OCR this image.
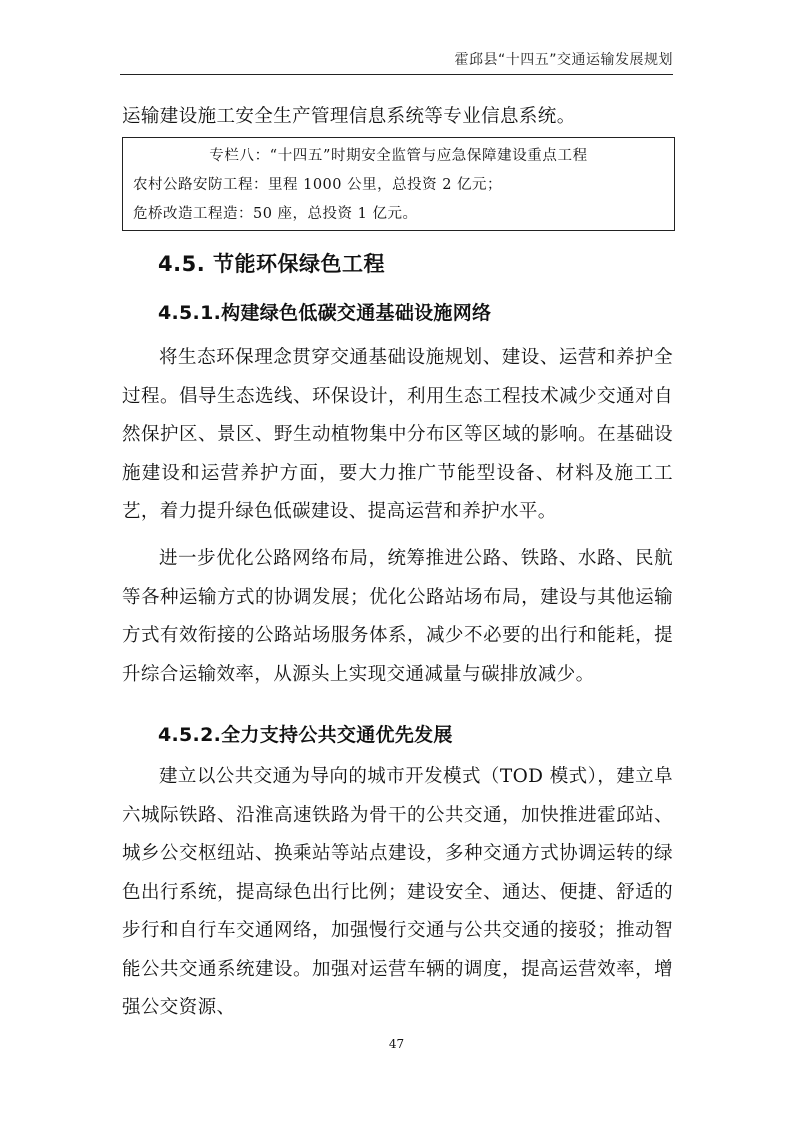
霍邱县“十四五”交通运输发展规划

运输建设施工安全生产管理信息系统等专业信息系统。

专栏八：“十四五”时期安全监管与应急保障建设重点工程
农村公路安防工程：里程 1000 公里，总投资 2 亿元；
危桥改造工程造：50 座，总投资 1 亿元。
4.5. 节能环保绿色工程
4.5.1.构建绿色低碳交通基础设施网络

将生态环保理念贯穿交通基础设施规划、建设、运营和养护全过程。倡导生态选线、环保设计，利用生态工程技术减少交通对自然保护区、景区、野生动植物集中分布区等区域的影响。在基础设施建设和运营养护方面，要大力推广节能型设备、材料及施工工艺，着力提升绿色低碳建设、提高运营和养护水平。

进一步优化公路网络布局，统筹推进公路、铁路、水路、民航等各种运输方式的协调发展；优化公路站场布局，建设与其他运输方式有效衔接的公路站场服务体系，减少不必要的出行和能耗，提升综合运输效率，从源头上实现交通减量与碳排放减少。

4.5.2.全力支持公共交通优先发展

建立以公共交通为导向的城市开发模式（TOD 模式），建立阜六城际铁路、沿淮高速铁路为骨干的公共交通，加快推进霍邱站、城乡公交枢纽站、换乘站等站点建设，多种交通方式协调运转的绿色出行系统，提高绿色出行比例；建设安全、通达、便捷、舒适的步行和自行车交通网络，加强慢行交通与公共交通的接驳；推动智能公共交通系统建设。加强对运营车辆的调度，提高运营效率，增强公交资源、

47
